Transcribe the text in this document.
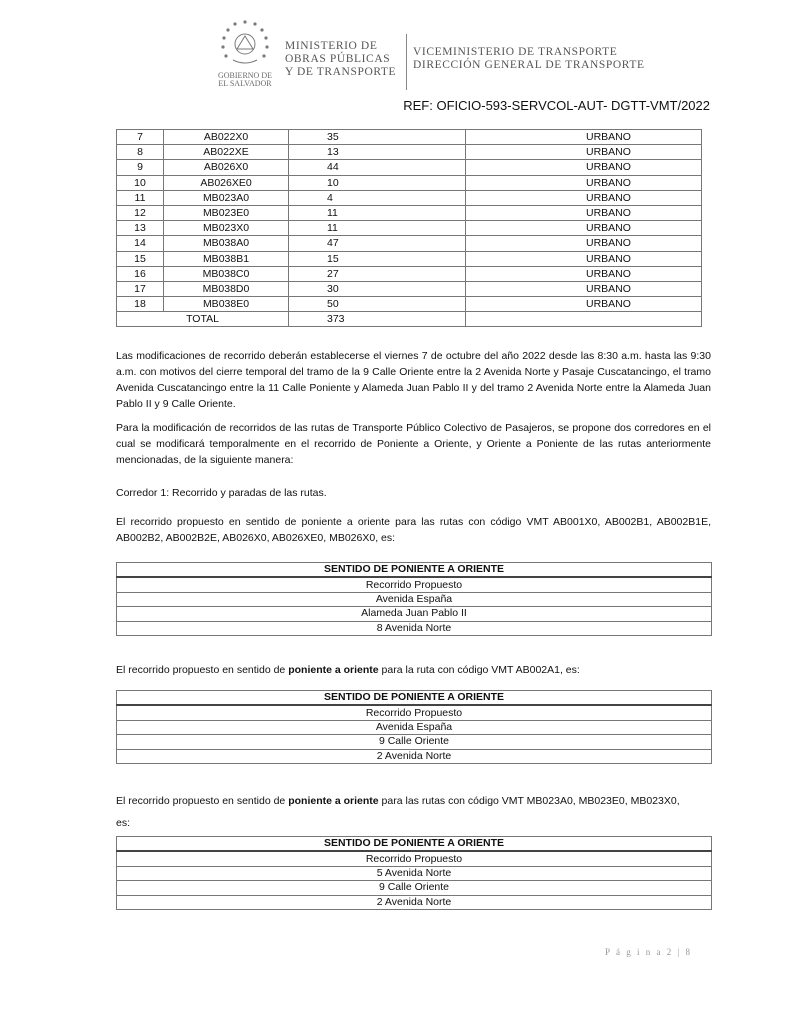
GOBIERNO DE
EL SALVADOR
MINISTERIO DE
OBRAS PÚBLICAS
Y DE TRANSPORTE
VICEMINISTERIO DE TRANSPORTE
DIRECCIÓN GENERAL DE TRANSPORTE
REF: OFICIO-593-SERVCOL-AUT- DGTT-VMT/2022
7	AB022X0	35	URBANO
8	AB022XE	13	URBANO
9	AB026X0	44	URBANO
10	AB026XE0	10	URBANO
11	MB023A0	4	URBANO
12	MB023E0	11	URBANO
13	MB023X0	11	URBANO
14	MB038A0	47	URBANO
15	MB038B1	15	URBANO
16	MB038C0	27	URBANO
17	MB038D0	30	URBANO
18	MB038E0	50	URBANO
TOTAL		373	

Las modificaciones de recorrido deberán establecerse el viernes 7 de octubre del año 2022 desde las 8:30 a.m. hasta las 9:30 a.m. con motivos del cierre temporal del tramo de la 9 Calle Oriente entre la 2 Avenida Norte y Pasaje Cuscatancingo, el tramo Avenida Cuscatancingo entre la 11 Calle Poniente y Alameda Juan Pablo II y del tramo 2 Avenida Norte entre la Alameda Juan Pablo II y 9 Calle Oriente.

Para la modificación de recorridos de las rutas de Transporte Público Colectivo de Pasajeros, se propone dos corredores en el cual se modificará temporalmente en el recorrido de Poniente a Oriente, y Oriente a Poniente de las rutas anteriormente mencionadas, de la siguiente manera:

Corredor 1: Recorrido y paradas de las rutas.

El recorrido propuesto en sentido de poniente a oriente para las rutas con código VMT AB001X0, AB002B1, AB002B1E, AB002B2, AB002B2E, AB026X0, AB026XE0, MB026X0, es:

SENTIDO DE PONIENTE A ORIENTE
Recorrido Propuesto
Avenida España
Alameda Juan Pablo II
8 Avenida Norte

El recorrido propuesto en sentido de poniente a oriente para la ruta con código VMT AB002A1, es:

SENTIDO DE PONIENTE A ORIENTE
Recorrido Propuesto
Avenida España
9 Calle Oriente
2 Avenida Norte

El recorrido propuesto en sentido de poniente a oriente para las rutas con código VMT MB023A0, MB023E0, MB023X0,
es:

SENTIDO DE PONIENTE A ORIENTE
Recorrido Propuesto
5 Avenida Norte
9 Calle Oriente
2 Avenida Norte
P á g i n a 2 | 8
